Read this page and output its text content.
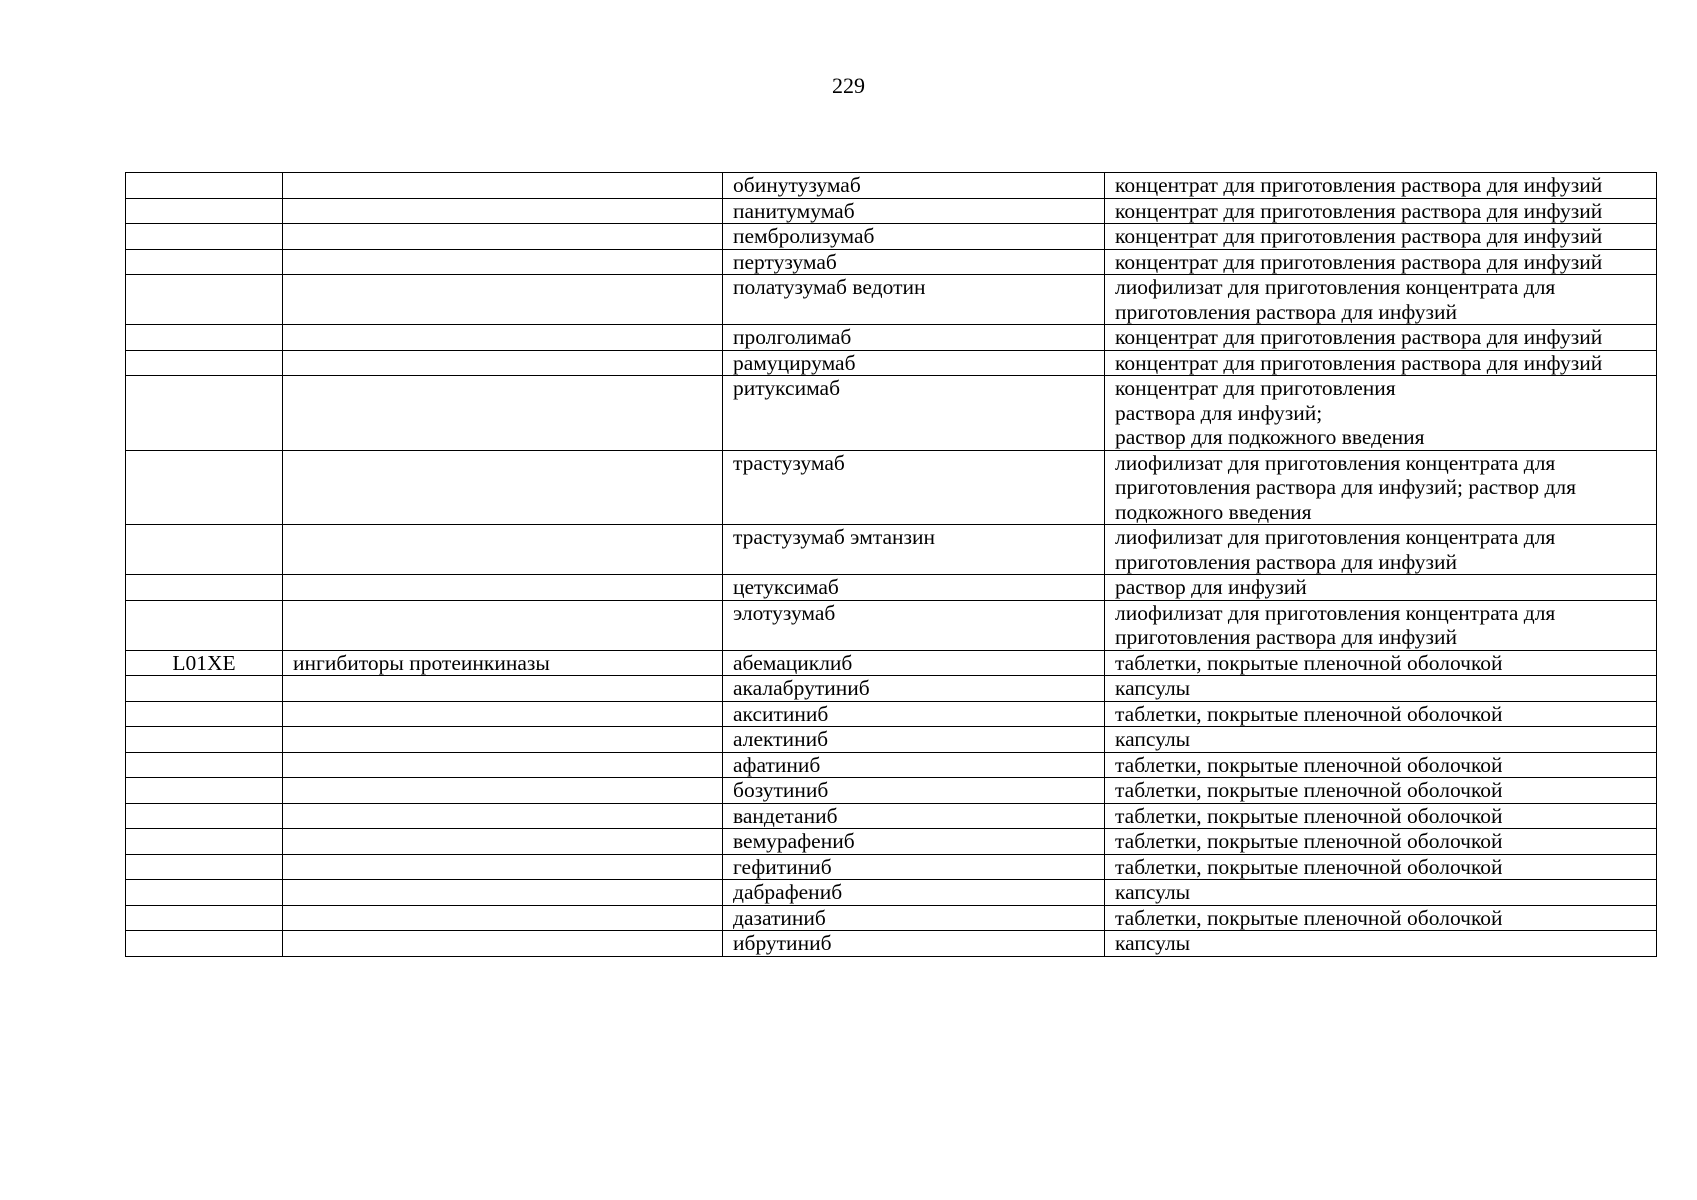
229
		обинутузумаб	концентрат для приготовления раствора для инфузий

		панитумумаб	концентрат для приготовления раствора для инфузий

		пембролизумаб	концентрат для приготовления раствора для инфузий

		пертузумаб	концентрат для приготовления раствора для инфузий

		полатузумаб ведотин	лиофилизат для приготовления концентрата для приготовления раствора для инфузий

		пролголимаб	концентрат для приготовления раствора для инфузий

		рамуцирумаб	концентрат для приготовления раствора для инфузий

		ритуксимаб	концентрат для приготовления
раствора для инфузий;
раствор для подкожного введения

		трастузумаб	лиофилизат для приготовления концентрата для приготовления раствора для инфузий; раствор для подкожного введения

		трастузумаб эмтанзин	лиофилизат для приготовления концентрата для приготовления раствора для инфузий

		цетуксимаб	раствор для инфузий

		элотузумаб	лиофилизат для приготовления концентрата для приготовления раствора для инфузий

L01XE	ингибиторы протеинкиназы	абемациклиб	таблетки, покрытые пленочной оболочкой

		акалабрутиниб	капсулы

		акситиниб	таблетки, покрытые пленочной оболочкой

		алектиниб	капсулы

		афатиниб	таблетки, покрытые пленочной оболочкой

		бозутиниб	таблетки, покрытые пленочной оболочкой

		вандетаниб	таблетки, покрытые пленочной оболочкой

		вемурафениб	таблетки, покрытые пленочной оболочкой

		гефитиниб	таблетки, покрытые пленочной оболочкой

		дабрафениб	капсулы

		дазатиниб	таблетки, покрытые пленочной оболочкой

		ибрутиниб	капсулы
